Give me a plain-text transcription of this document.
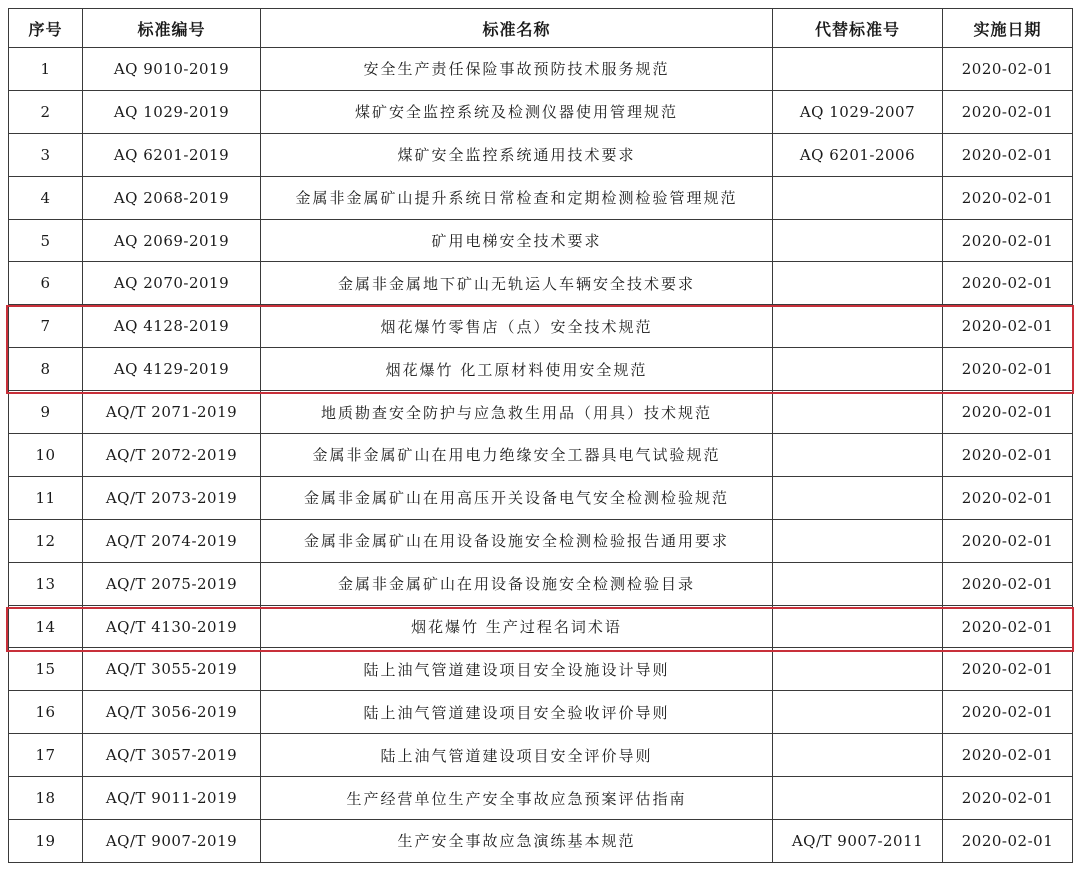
序号	标准编号	标准名称	代替标准号	实施日期
1	AQ 9010-2019	安全生产责任保险事故预防技术服务规范		2020-02-01
2	AQ 1029-2019	煤矿安全监控系统及检测仪器使用管理规范	AQ 1029-2007	2020-02-01
3	AQ 6201-2019	煤矿安全监控系统通用技术要求	AQ 6201-2006	2020-02-01
4	AQ 2068-2019	金属非金属矿山提升系统日常检查和定期检测检验管理规范		2020-02-01
5	AQ 2069-2019	矿用电梯安全技术要求		2020-02-01
6	AQ 2070-2019	金属非金属地下矿山无轨运人车辆安全技术要求		2020-02-01
7	AQ 4128-2019	烟花爆竹零售店（点）安全技术规范		2020-02-01
8	AQ 4129-2019	烟花爆竹 化工原材料使用安全规范		2020-02-01
9	AQ/T 2071-2019	地质勘查安全防护与应急救生用品（用具）技术规范		2020-02-01
10	AQ/T 2072-2019	金属非金属矿山在用电力绝缘安全工器具电气试验规范		2020-02-01
11	AQ/T 2073-2019	金属非金属矿山在用高压开关设备电气安全检测检验规范		2020-02-01
12	AQ/T 2074-2019	金属非金属矿山在用设备设施安全检测检验报告通用要求		2020-02-01
13	AQ/T 2075-2019	金属非金属矿山在用设备设施安全检测检验目录		2020-02-01
14	AQ/T 4130-2019	烟花爆竹 生产过程名词术语		2020-02-01
15	AQ/T 3055-2019	陆上油气管道建设项目安全设施设计导则		2020-02-01
16	AQ/T 3056-2019	陆上油气管道建设项目安全验收评价导则		2020-02-01
17	AQ/T 3057-2019	陆上油气管道建设项目安全评价导则		2020-02-01
18	AQ/T 9011-2019	生产经营单位生产安全事故应急预案评估指南		2020-02-01
19	AQ/T 9007-2019	生产安全事故应急演练基本规范	AQ/T 9007-2011	2020-02-01
